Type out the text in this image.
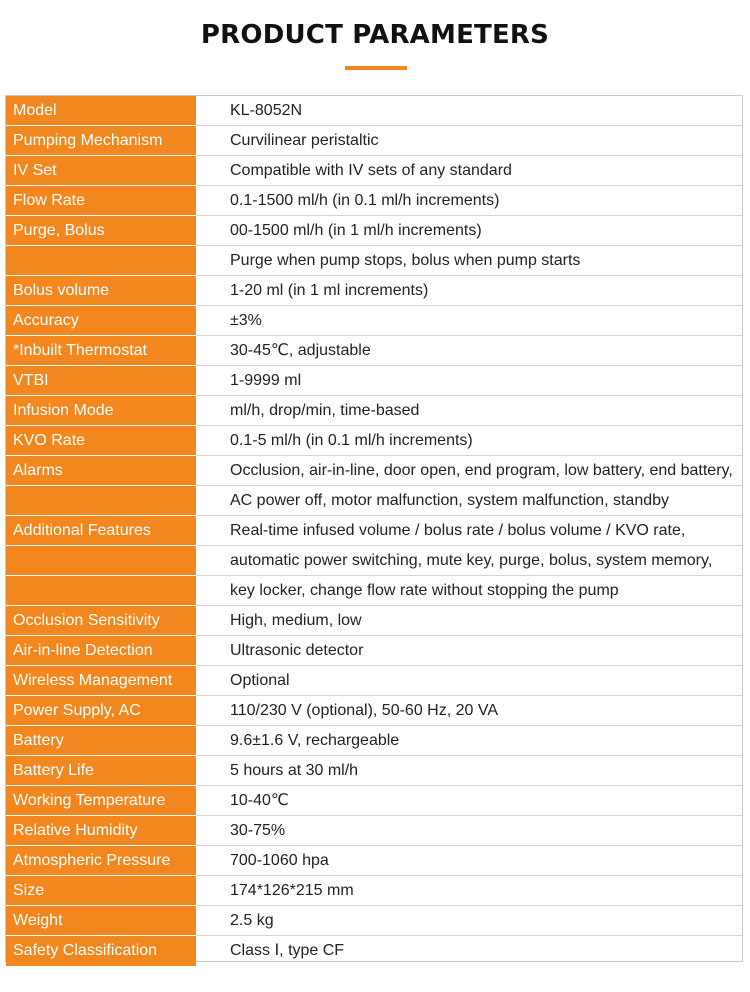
PRODUCT PARAMETERS
Model	KL-8052N
Pumping Mechanism	Curvilinear peristaltic
IV Set	Compatible with IV sets of any standard
Flow Rate	0.1-1500 ml/h (in 0.1 ml/h increments)
Purge, Bolus	00-1500 ml/h (in 1 ml/h increments)
Purge when pump stops, bolus when pump starts
Bolus volume	1-20 ml (in 1 ml increments)
Accuracy	±3%
*Inbuilt Thermostat	30-45℃, adjustable
VTBI	1-9999 ml
Infusion Mode	ml/h, drop/min, time-based
KVO Rate	0.1-5 ml/h (in 0.1 ml/h increments)
Alarms	Occlusion, air-in-line, door open, end program, low battery, end battery,
AC power off, motor malfunction, system malfunction, standby
Additional Features	Real-time infused volume / bolus rate / bolus volume / KVO rate,
automatic power switching, mute key, purge, bolus, system memory,
key locker, change flow rate without stopping the pump
Occlusion Sensitivity	High, medium, low
Air-in-line Detection	Ultrasonic detector
Wireless Management	Optional
Power Supply, AC	110/230 V (optional), 50-60 Hz, 20 VA
Battery	9.6±1.6 V, rechargeable
Battery Life	5 hours at 30 ml/h
Working Temperature	10-40℃
Relative Humidity	30-75%
Atmospheric Pressure	700-1060 hpa
Size	174*126*215 mm
Weight	2.5 kg
Safety Classification	Class Ⅰ, type CF
